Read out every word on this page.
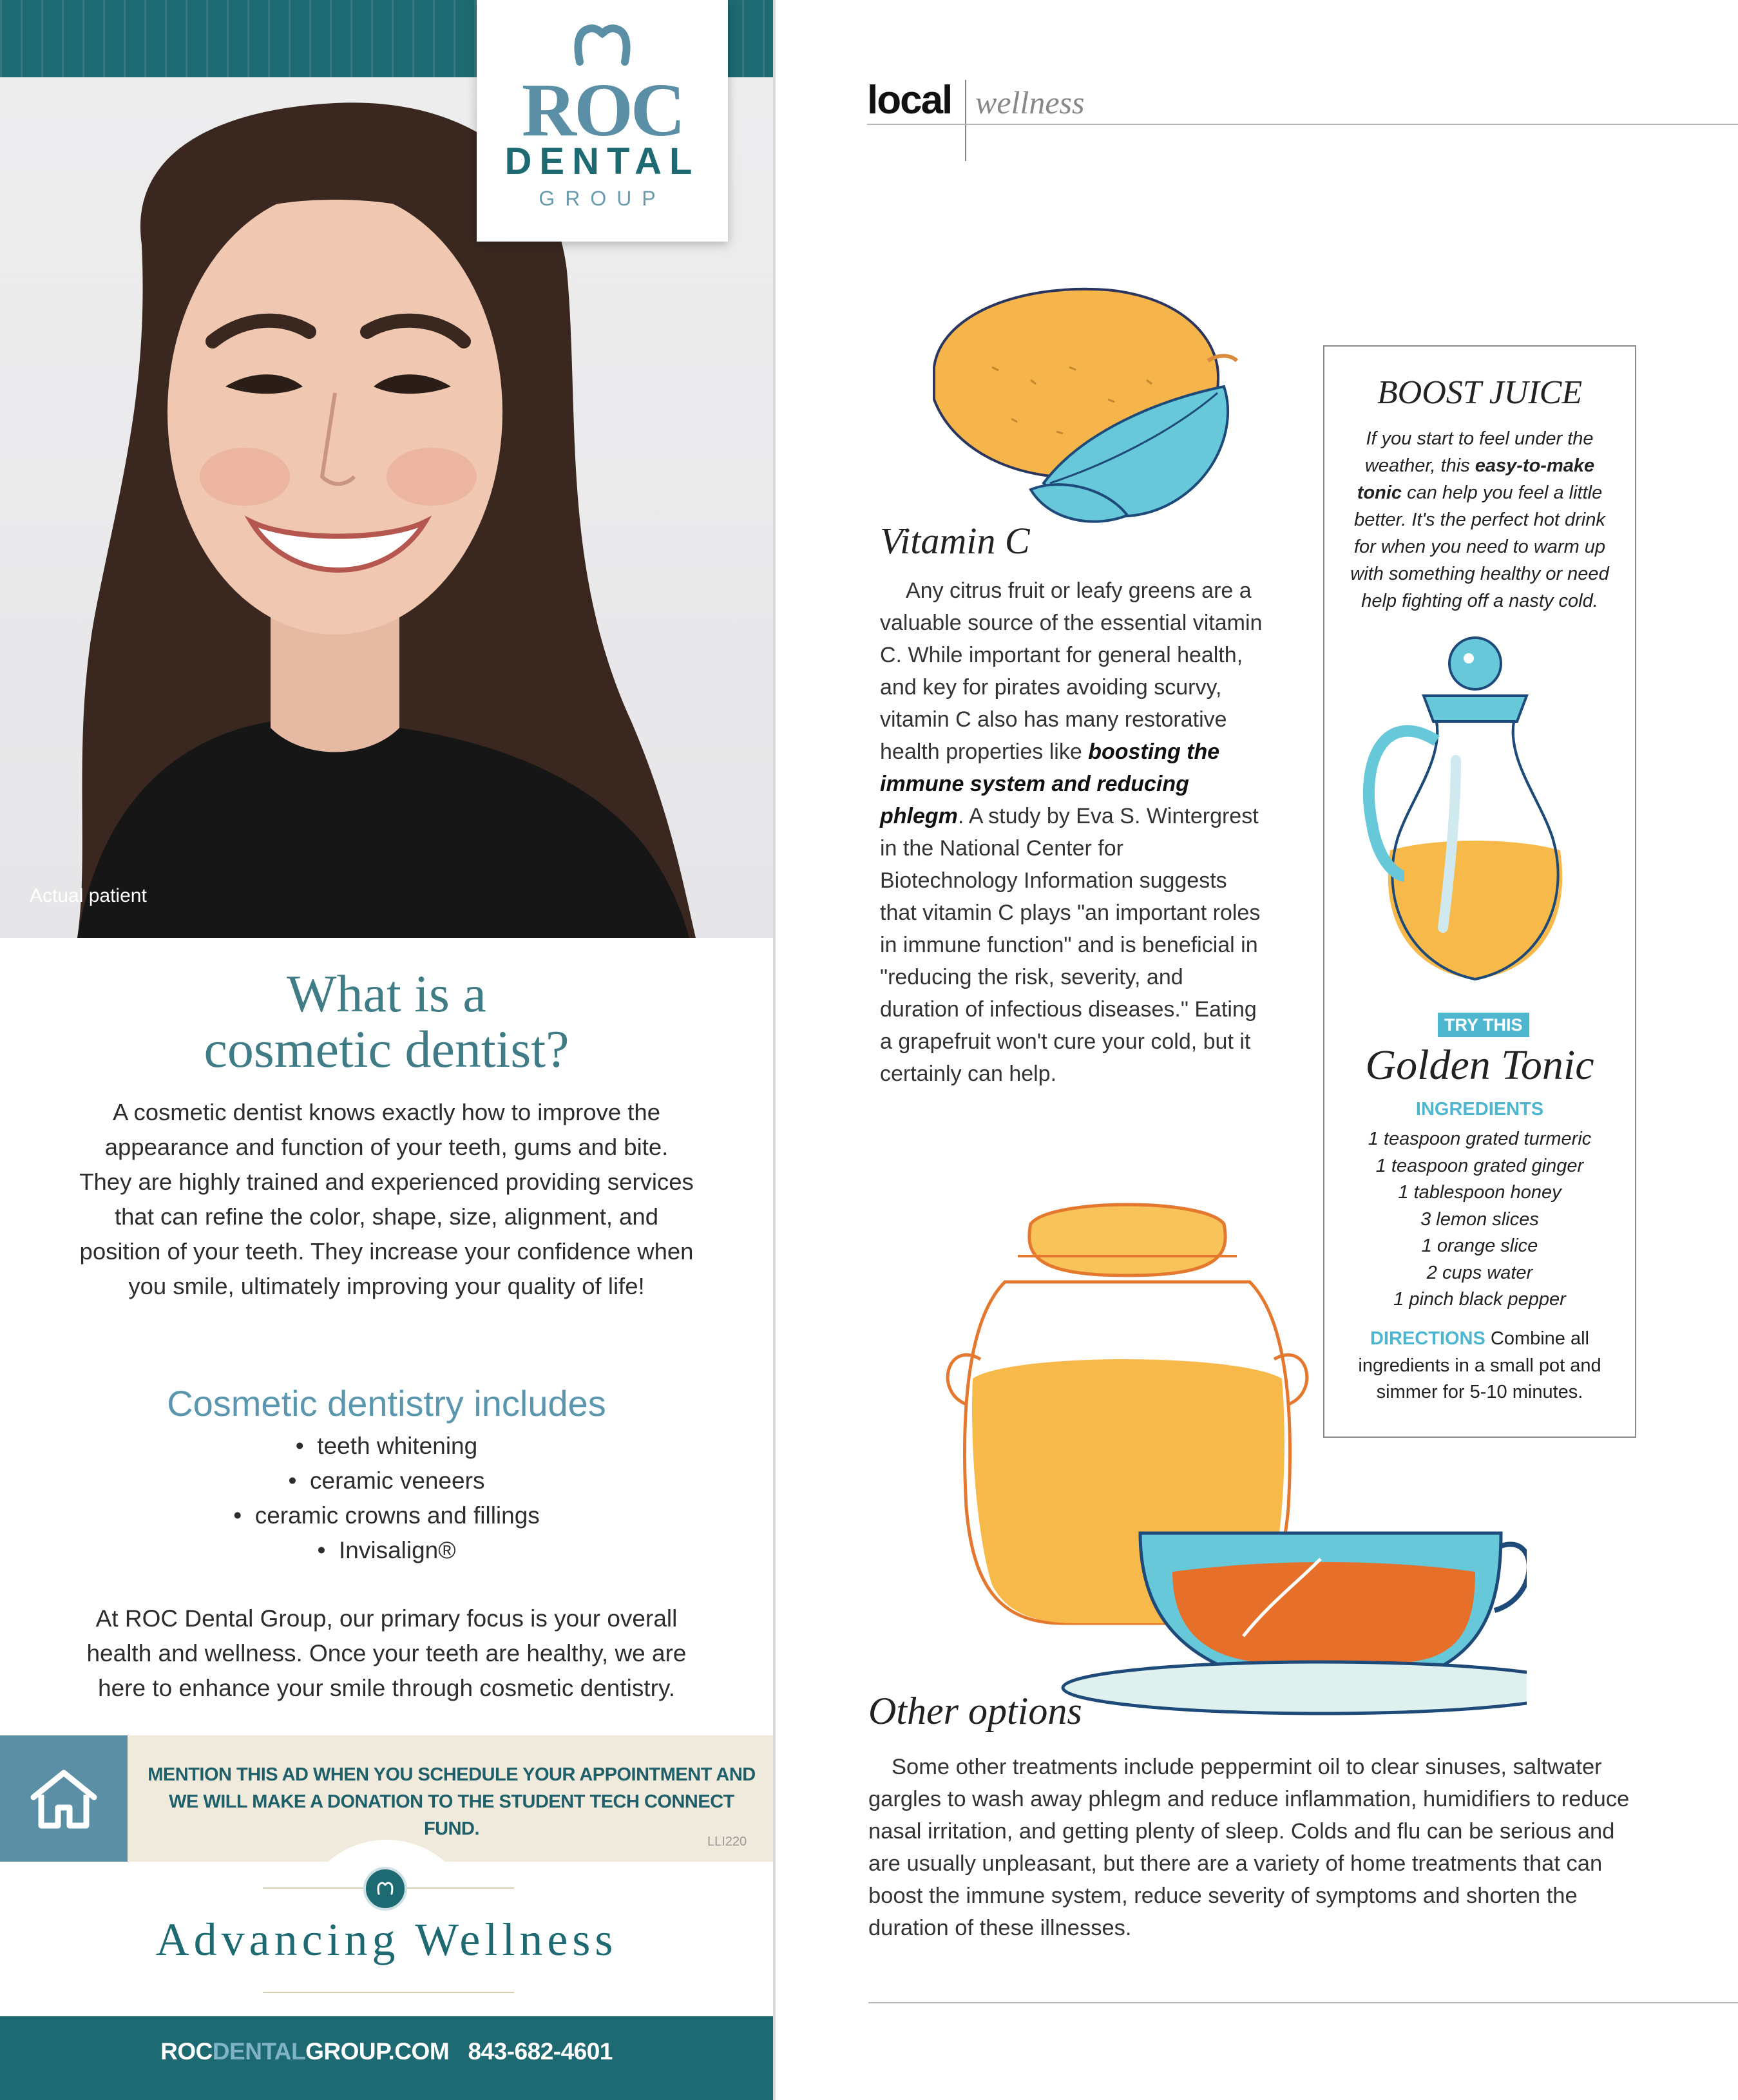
ROC
DENTAL
GROUP
Actual patient
What is a
cosmetic dentist?
A cosmetic dentist knows exactly how to improve the appearance and function of your teeth, gums and bite. They are highly trained and experienced providing services that can refine the color, shape, size, alignment, and position of your teeth. They increase your confidence when you smile, ultimately improving your quality of life!
Cosmetic dentistry includes
•  teeth whitening
•  ceramic veneers
•  ceramic crowns and fillings
•  Invisalign®
At ROC Dental Group, our primary focus is your overall health and wellness. Once your teeth are healthy, we are here to enhance your smile through cosmetic dentistry.
MENTION THIS AD WHEN YOU SCHEDULE YOUR APPOINTMENT AND
WE WILL MAKE A DONATION TO THE STUDENT TECH CONNECT FUND.
LLI220
Advancing Wellness
ROCDENTALGROUP.COM 843-682-4601
local wellness
Vitamin C
Any citrus fruit or leafy greens are a valuable source of the essential vitamin C. While important for general health, and key for pirates avoiding scurvy, vitamin C also has many restorative health properties like boosting the immune system and reducing phlegm. A study by Eva S. Wintergrest in the National Center for Biotechnology Information suggests that vitamin C plays "an important roles in immune function" and is beneficial in "reducing the risk, severity, and duration of infectious diseases." Eating a grapefruit won't cure your cold, but it certainly can help.
Other options
Some other treatments include peppermint oil to clear sinuses, saltwater gargles to wash away phlegm and reduce inflammation, humidifiers to reduce nasal irritation, and getting plenty of sleep. Colds and flu can be serious and are usually unpleasant, but there are a variety of home treatments that can boost the immune system, reduce severity of symptoms and shorten the duration of these illnesses.
BOOST JUICE
If you start to feel under the weather, this easy-to-make tonic can help you feel a little better. It's the perfect hot drink for when you need to warm up with something healthy or need help fighting off a nasty cold.
TRY THIS
Golden Tonic
INGREDIENTS
1 teaspoon grated turmeric
1 teaspoon grated ginger
1 tablespoon honey
3 lemon slices
1 orange slice
2 cups water
1 pinch black pepper
DIRECTIONS Combine all ingredients in a small pot and simmer for 5-10 minutes.
